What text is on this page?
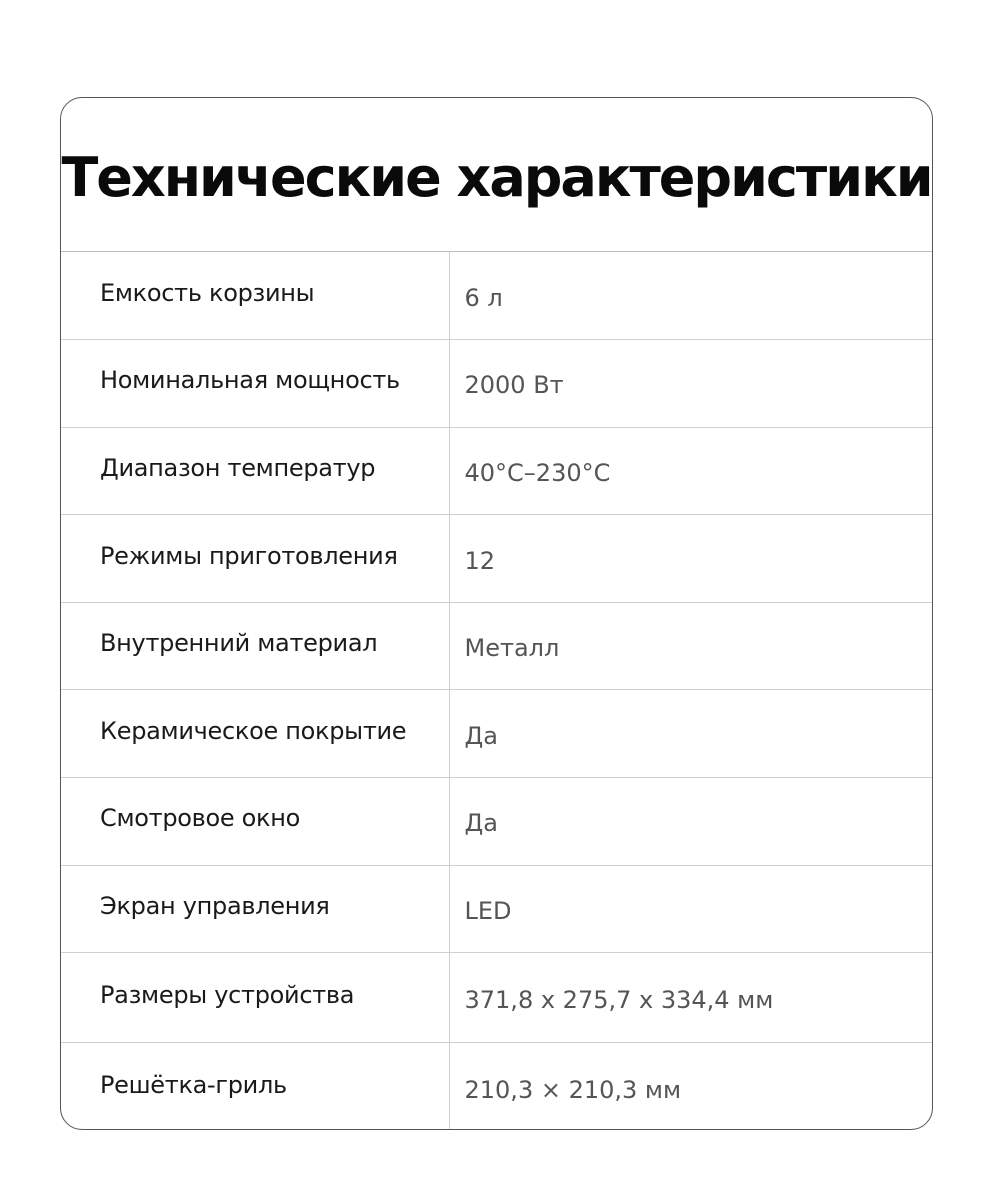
Технические характеристики
Емкость корзины	6 л
Номинальная мощность	2000 Вт
Диапазон температур	40°C–230°C
Режимы приготовления	12
Внутренний материал	Металл
Керамическое покрытие	Да
Смотровое окно	Да
Экран управления	LED
Размеры устройства	371,8 x 275,7 x 334,4 мм
Решётка-гриль	210,3 × 210,3 мм
